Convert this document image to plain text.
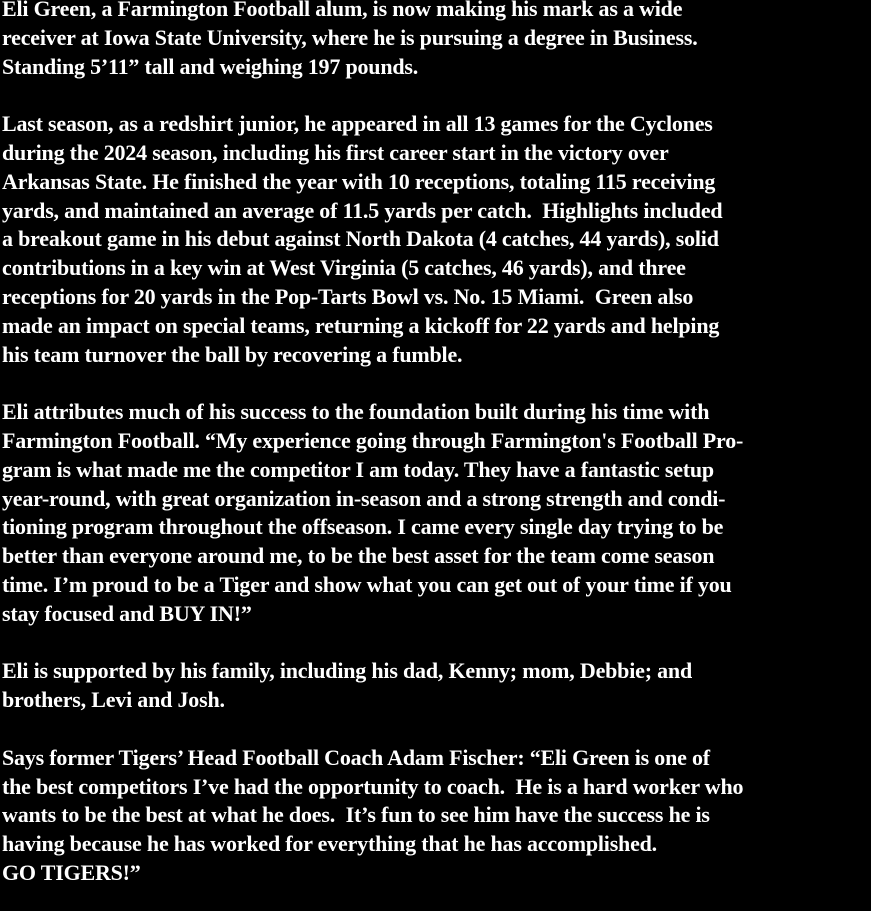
Eli Green, a Farmington Football alum, is now making his mark as a wide
receiver at Iowa State University, where he is pursuing a degree in Business.
Standing 5’11” tall and weighing 197 pounds.
Last season, as a redshirt junior, he appeared in all 13 games for the Cyclones
during the 2024 season, including his first career start in the victory over
Arkansas State. He finished the year with 10 receptions, totaling 115 receiving
yards, and maintained an average of 11.5 yards per catch.  Highlights included
a breakout game in his debut against North Dakota (4 catches, 44 yards), solid
contributions in a key win at West Virginia (5 catches, 46 yards), and three
receptions for 20 yards in the Pop-Tarts Bowl vs. No. 15 Miami.  Green also
made an impact on special teams, returning a kickoff for 22 yards and helping
his team turnover the ball by recovering a fumble.
Eli attributes much of his success to the foundation built during his time with
Farmington Football. “My experience going through Farmington's Football Pro-
gram is what made me the competitor I am today. They have a fantastic setup
year-round, with great organization in-season and a strong strength and condi-
tioning program throughout the offseason. I came every single day trying to be
better than everyone around me, to be the best asset for the team come season
time. I’m proud to be a Tiger and show what you can get out of your time if you
stay focused and BUY IN!”
Eli is supported by his family, including his dad, Kenny; mom, Debbie; and
brothers, Levi and Josh.
Says former Tigers’ Head Football Coach Adam Fischer: “Eli Green is one of
the best competitors I’ve had the opportunity to coach.  He is a hard worker who
wants to be the best at what he does.  It’s fun to see him have the success he is
having because he has worked for everything that he has accomplished.
GO TIGERS!”
